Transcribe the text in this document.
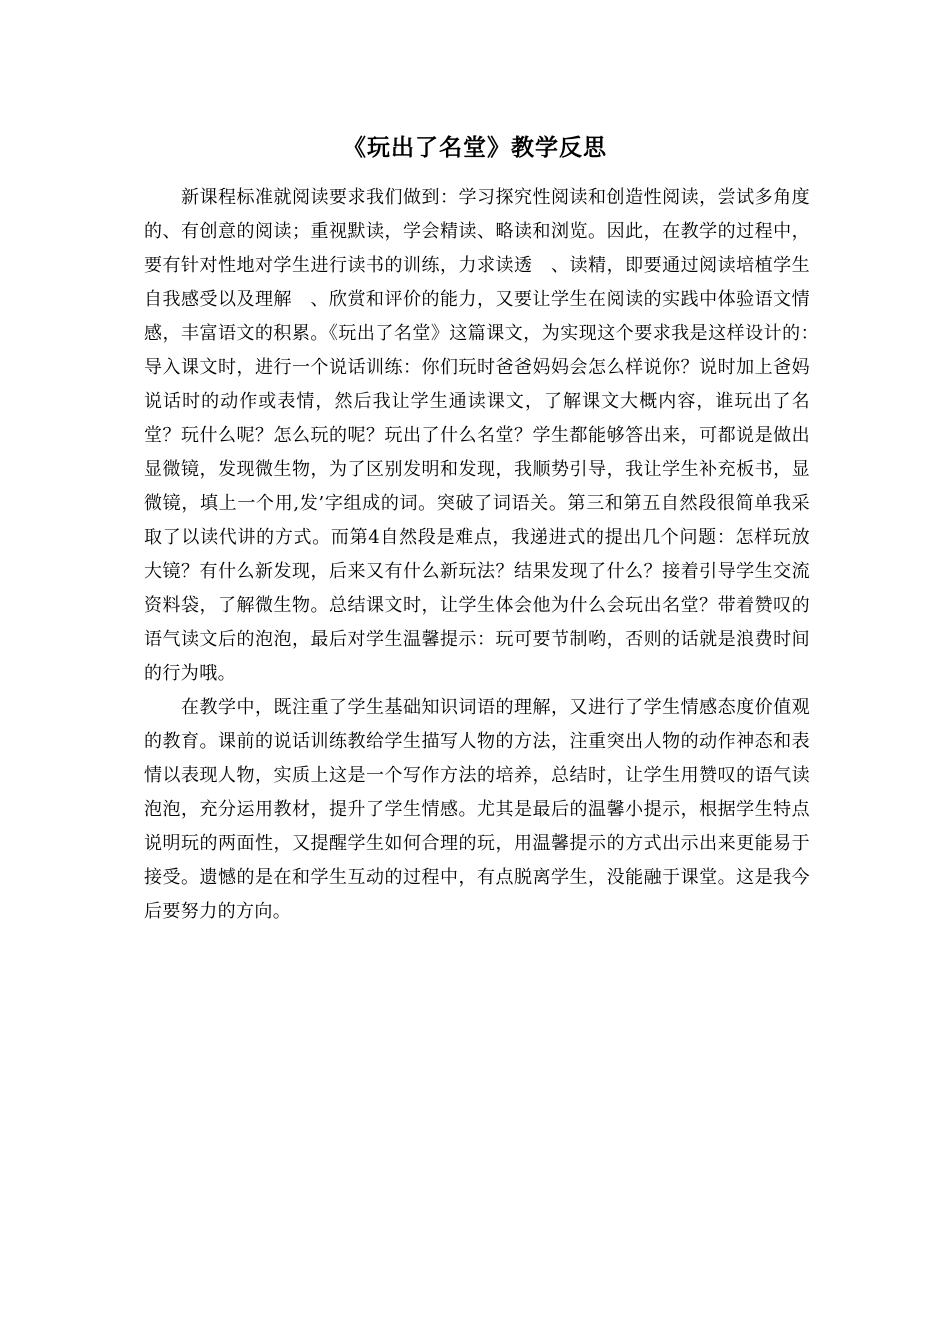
《玩出了名堂》教学反思

新课程标准就阅读要求我们做到：学习探究性阅读和创造性阅读，尝试多角度的、有创意的阅读；重视默读，学会精读、略读和浏览。因此，在教学的过程中，要有针对性地对学生进行读书的训练，力求读透　、读精，即要通过阅读培植学生自我感受以及理解　、欣赏和评价的能力，又要让学生在阅读的实践中体验语文情感，丰富语文的积累。《玩出了名堂》这篇课文，为实现这个要求我是这样设计的：　导入课文时，进行一个说话训练：你们玩时爸爸妈妈会怎么样说你？说时加上爸妈说话时的动作或表情，然后我让学生通读课文，了解课文大概内容，谁玩出了名堂？玩什么呢？怎么玩的呢？玩出了什么名堂？学生都能够答出来，可都说是做出显微镜，发现微生物，为了区别发明和发现，我顺势引导，我让学生补充板书，显微镜，填上一个用,发’字组成的词。突破了词语关。第三和第五自然段很简单我采取了以读代讲的方式。而第4自然段是难点，我递进式的提出几个问题：怎样玩放大镜？有什么新发现，后来又有什么新玩法？结果发现了什么？接着引导学生交流资料袋，了解微生物。总结课文时，让学生体会他为什么会玩出名堂？带着赞叹的语气读文后的泡泡，最后对学生温馨提示：玩可要节制哟，否则的话就是浪费时间的行为哦。

在教学中，既注重了学生基础知识词语的理解，又进行了学生情感态度价值观的教育。课前的说话训练教给学生描写人物的方法，注重突出人物的动作神态和表情以表现人物，实质上这是一个写作方法的培养，总结时，让学生用赞叹的语气读泡泡，充分运用教材，提升了学生情感。尤其是最后的温馨小提示，根据学生特点说明玩的两面性，又提醒学生如何合理的玩，用温馨提示的方式出示出来更能易于接受。遗憾的是在和学生互动的过程中，有点脱离学生，没能融于课堂。这是我今后要努力的方向。
